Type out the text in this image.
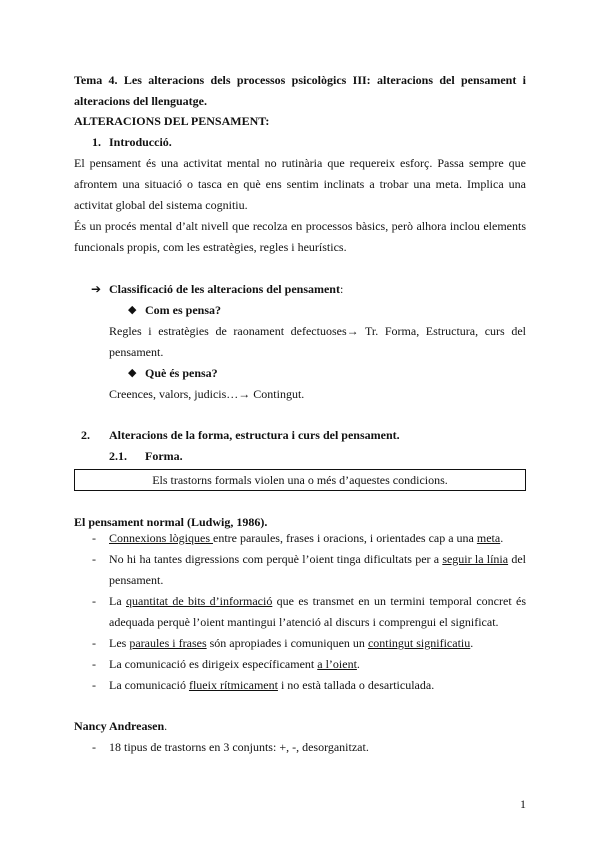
Tema 4. Les alteracions dels processos psicològics III: alteracions del pensament i
alteracions del llenguatge.
ALTERACIONS DEL PENSAMENT:
1. Introducció.
El pensament és una activitat mental no rutinària que requereix esforç. Passa sempre que
afrontem una situació o tasca en què ens sentim inclinats a trobar una meta. Implica una
activitat global del sistema cognitiu.
És un procés mental d’alt nivell que recolza en processos bàsics, però alhora inclou elements
funcionals propis, com les estratègies, regles i heurístics.
➔ Classificació de les alteracions del pensament:
◆ Com es pensa?
Regles i estratègies de raonament defectuoses→ Tr. Forma, Estructura, curs del
pensament.
◆ Què és pensa?
Creences, valors, judicis…→ Contingut.
2. Alteracions de la forma, estructura i curs del pensament.
2.1. Forma.
Els trastorns formals violen una o més d’aquestes condicions.
El pensament normal (Ludwig, 1986).
- Connexions lògiques entre paraules, frases i oracions, i orientades cap a una meta.
- No hi ha tantes digressions com perquè l’oient tinga dificultats per a seguir la línia del
pensament.
- La quantitat de bits d’informació que es transmet en un termini temporal concret és
adequada perquè l’oient mantingui l’atenció al discurs i comprengui el significat.
- Les paraules i frases són apropiades i comuniquen un contingut significatiu.
- La comunicació es dirigeix específicament a l’oient.
- La comunicació flueix rítmicament i no està tallada o desarticulada.
Nancy Andreasen.
- 18 tipus de trastorns en 3 conjunts: +, -, desorganitzat.
1
